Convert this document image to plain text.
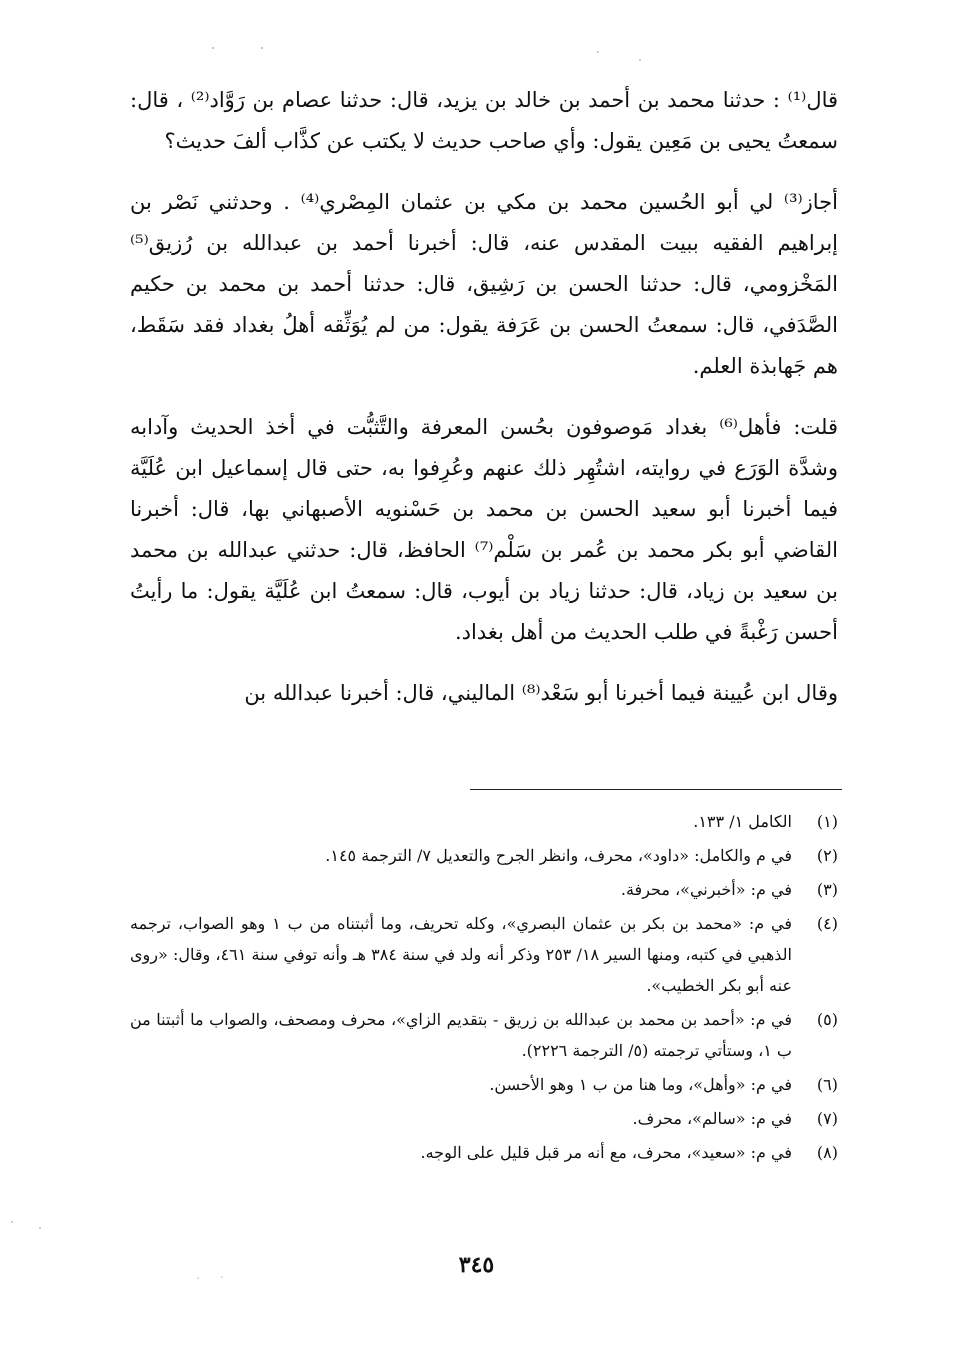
قال⁽¹⁾ : حدثنا محمد بن أحمد بن خالد بن يزيد، قال: حدثنا عصام بن رَوَّاد⁽²⁾ ، قال: سمعتُ يحيى بن مَعِين يقول: وأي صاحب حديث لا يكتب عن كذَّاب ألفَ حديث؟

أجاز⁽³⁾ لي أبو الحُسين محمد بن مكي بن عثمان المِصْري⁽⁴⁾ . وحدثني نَصْر بن إبراهيم الفقيه ببيت المقدس عنه، قال: أخبرنا أحمد بن عبدالله بن رُزيق⁽⁵⁾ المَخْزومي، قال: حدثنا الحسن بن رَشِيق، قال: حدثنا أحمد بن محمد بن حكيم الصَّدَفي، قال: سمعتُ الحسن بن عَرَفة يقول: من لم يُوَثِّقه أهلُ بغداد فقد سَقَط، هم جَهابذة العلم.

قلت: فأهل⁽⁶⁾ بغداد مَوصوفون بحُسن المعرفة والتَّثبُّت في أخذ الحديث وآدابه وشدَّة الوَرَع في روايته، اشتُهِر ذلك عنهم وعُرِفوا به، حتى قال إسماعيل ابن عُلَيَّة فيما أخبرنا أبو سعيد الحسن بن محمد بن حَسْنويه الأصبهاني بها، قال: أخبرنا القاضي أبو بكر محمد بن عُمر بن سَلْم⁽⁷⁾ الحافظ، قال: حدثني عبدالله بن محمد بن سعيد بن زياد، قال: حدثنا زياد بن أيوب، قال: سمعتُ ابن عُلَيَّة يقول: ما رأيتُ أحسن رَغْبةً في طلب الحديث من أهل بغداد.

وقال ابن عُيينة فيما أخبرنا أبو سَعْد⁽⁸⁾ الماليني، قال: أخبرنا عبدالله بن

(١)
الكامل ١/ ١٣٣.
(٢)
في م والكامل: «داود»، محرف، وانظر الجرح والتعديل ٧/ الترجمة ١٤٥.
(٣)
في م: «أخبرني»، محرفة.
(٤)
في م: «محمد بن بكر بن عثمان البصري»، وكله تحريف، وما أثبتناه من ب ١ وهو الصواب، ترجمه الذهبي في كتبه، ومنها السير ١٨/ ٢٥٣ وذكر أنه ولد في سنة ٣٨٤ هـ وأنه توفي سنة ٤٦١، وقال: «روى عنه أبو بكر الخطيب».
(٥)
في م: «أحمد بن محمد بن عبدالله بن زريق - بتقديم الزاي»، محرف ومصحف، والصواب ما أثبتنا من ب ١، وستأتي ترجمته (٥/ الترجمة ٢٢٢٦).
(٦)
في م: «وأهل»، وما هنا من ب ١ وهو الأحسن.
(٧)
في م: «سالم»، محرف.
(٨)
في م: «سعيد»، محرف، مع أنه مر قبل قليل على الوجه.
٣٤٥
